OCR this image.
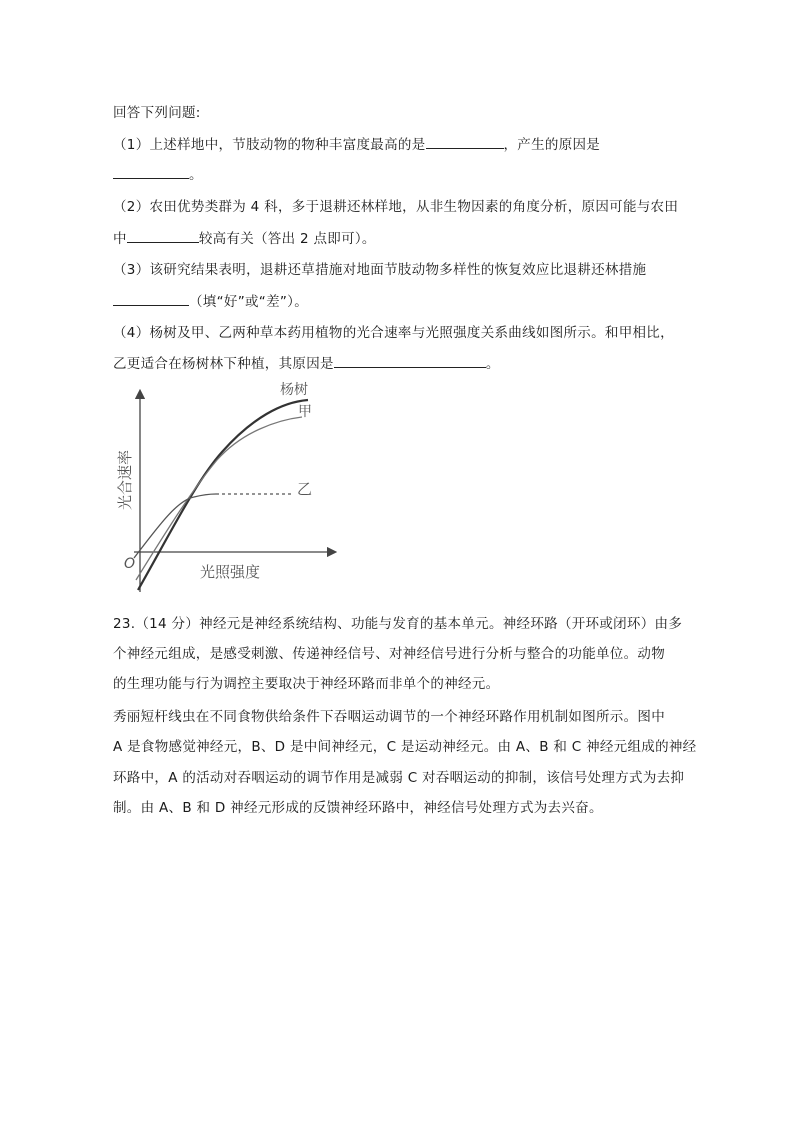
回答下列问题:
（1）上述样地中，节肢动物的物种丰富度最高的是	，产生的原因是
。
（2）农田优势类群为 4 科，多于退耕还林样地，从非生物因素的角度分析，原因可能与农田
中	较高有关（答出 2 点即可）。
（3）该研究结果表明，退耕还草措施对地面节肢动物多样性的恢复效应比退耕还林措施
（填“好”或“差”）。
（4）杨树及甲、乙两种草本药用植物的光合速率与光照强度关系曲线如图所示。和甲相比，
乙更适合在杨树林下种植，其原因是	。
杨树
甲
乙
O	光照强度
光合速率
23.（14 分）神经元是神经系统结构、功能与发育的基本单元。神经环路（开环或闭环）由多
个神经元组成，是感受刺激、传递神经信号、对神经信号进行分析与整合的功能单位。动物
的生理功能与行为调控主要取决于神经环路而非单个的神经元。
秀丽短杆线虫在不同食物供给条件下吞咽运动调节的一个神经环路作用机制如图所示。图中
A 是食物感觉神经元，B、D 是中间神经元，C 是运动神经元。由 A、B 和 C 神经元组成的神经
环路中，A 的活动对吞咽运动的调节作用是减弱 C 对吞咽运动的抑制，该信号处理方式为去抑
制。由 A、B 和 D 神经元形成的反馈神经环路中，神经信号处理方式为去兴奋。
